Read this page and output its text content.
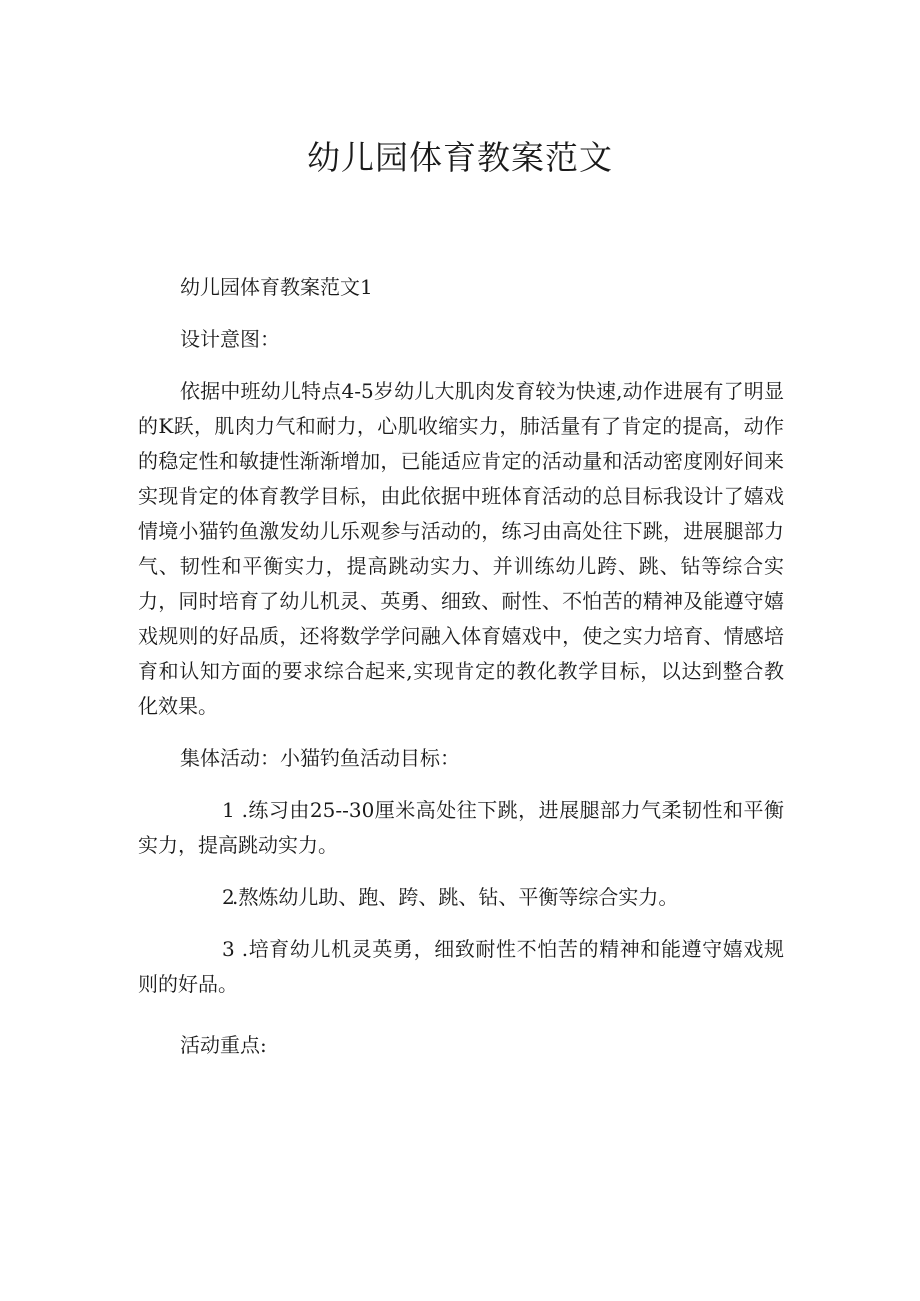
幼儿园体育教案范文

幼儿园体育教案范文1

设计意图：

依据中班幼儿特点4-5岁幼儿大肌肉发育较为快速,动作进展有了明显的K跃，肌肉力气和耐力，心肌收缩实力，肺活量有了肯定的提高，动作的稳定性和敏捷性渐渐增加，已能适应肯定的活动量和活动密度刚好间来实现肯定的体育教学目标，由此依据中班体育活动的总目标我设计了嬉戏情境小猫钓鱼激发幼儿乐观参与活动的，练习由高处往下跳，进展腿部力气、韧性和平衡实力，提高跳动实力、并训练幼儿跨、跳、钻等综合实力，同时培育了幼儿机灵、英勇、细致、耐性、不怕苦的精神及能遵守嬉戏规则的好品质，还将数学学问融入体育嬉戏中，使之实力培育、情感培育和认知方面的要求综合起来,实现肯定的教化教学目标，以达到整合教化效果。

集体活动：小猫钓鱼活动目标：

1 .练习由25--30厘米高处往下跳，进展腿部力气柔韧性和平衡实力，提高跳动实力。

2.熬炼幼儿助、跑、跨、跳、钻、平衡等综合实力。

3 .培育幼儿机灵英勇，细致耐性不怕苦的精神和能遵守嬉戏规则的好品。

活动重点:
